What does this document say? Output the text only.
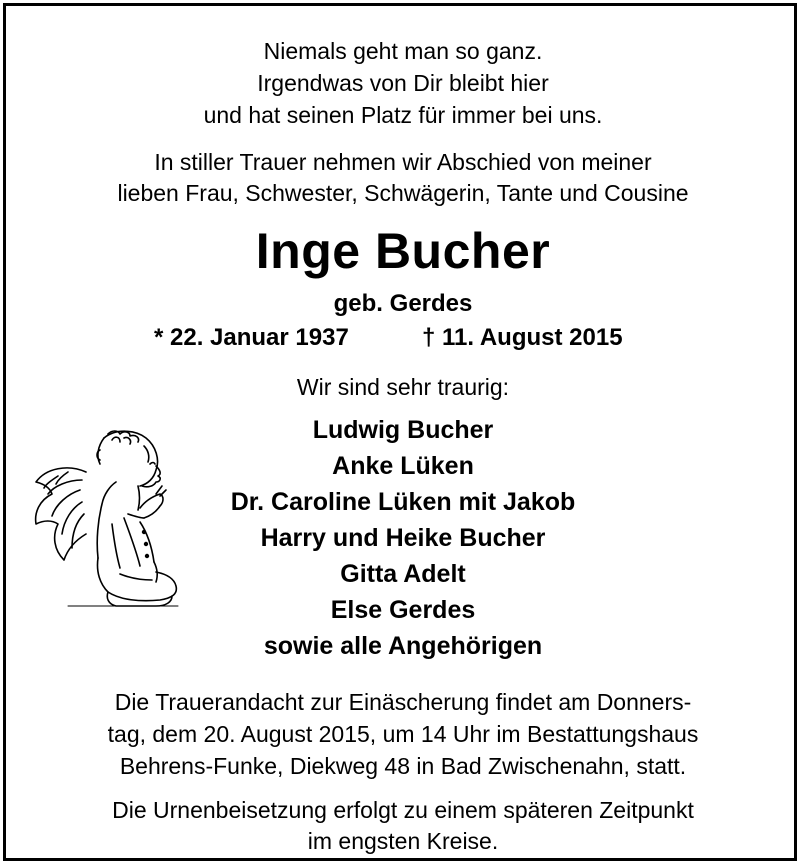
Niemals geht man so ganz.
Irgendwas von Dir bleibt hier
und hat seinen Platz für immer bei uns.
In stiller Trauer nehmen wir Abschied von meiner
lieben Frau, Schwester, Schwägerin, Tante und Cousine
Inge Bucher
geb. Gerdes
* 22. Januar 1937	† 11. August 2015
Wir sind sehr traurig:
Ludwig Bucher
Anke Lüken
Dr. Caroline Lüken mit Jakob
Harry und Heike Bucher
Gitta Adelt
Else Gerdes
sowie alle Angehörigen
Die Trauerandacht zur Einäscherung findet am Donners-
tag, dem 20. August 2015, um 14 Uhr im Bestattungshaus
Behrens-Funke, Diekweg 48 in Bad Zwischenahn, statt.
Die Urnenbeisetzung erfolgt zu einem späteren Zeitpunkt
im engsten Kreise.
